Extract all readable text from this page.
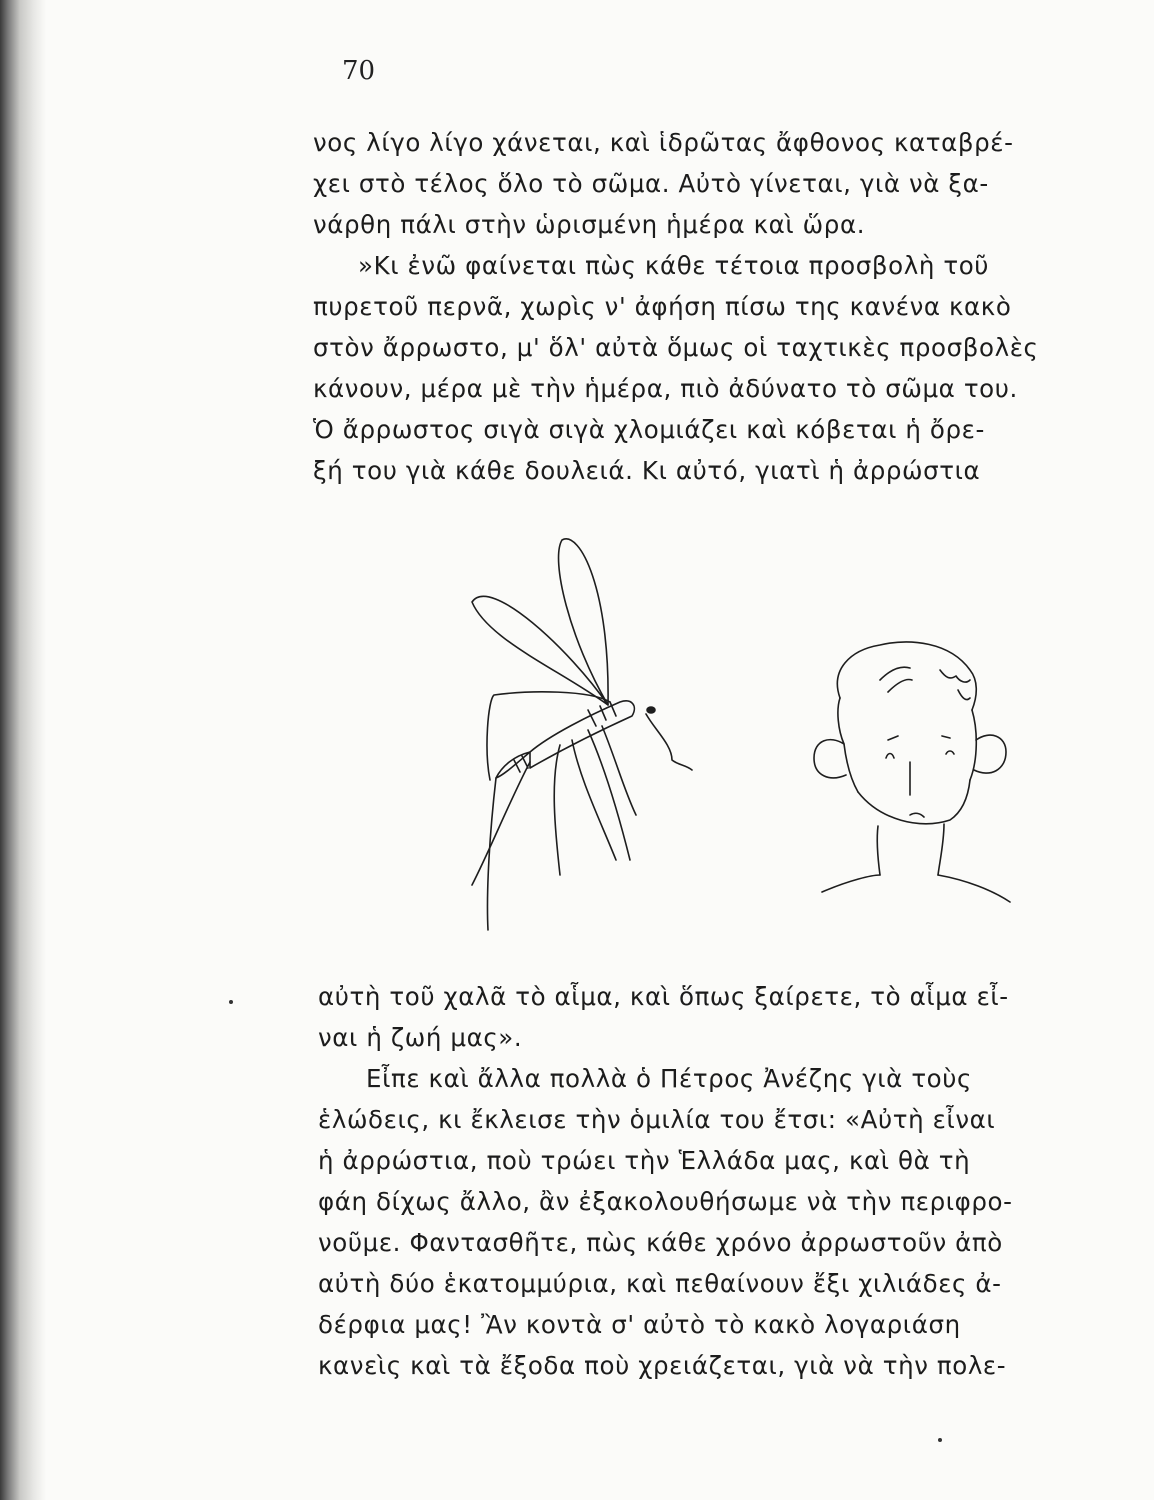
70
νος λίγο λίγο χάνεται, καὶ ἱδρῶτας ἄφθονος καταβρέ-
χει στὸ τέλος ὅλο τὸ σῶμα. Αὐτὸ γίνεται, γιὰ νὰ ξα-
νάρθη πάλι στὴν ὡρισμένη ἡμέρα καὶ ὥρα.
»Κι ἐνῶ φαίνεται πὼς κάθε τέτοια προσβολὴ τοῦ
πυρετοῦ περνᾶ, χωρὶς ν' ἀφήση πίσω της κανένα κακὸ
στὸν ἄρρωστο, μ' ὅλ' αὐτὰ ὅμως οἱ ταχτικὲς προσβολὲς
κάνουν, μέρα μὲ τὴν ἡμέρα, πιὸ ἀδύνατο τὸ σῶμα του.
Ὁ ἄρρωστος σιγὰ σιγὰ χλομιάζει καὶ κόβεται ἡ ὄρε-
ξή του γιὰ κάθε δουλειά. Κι αὐτό, γιατὶ ἡ ἀρρώστια
αὐτὴ τοῦ χαλᾶ τὸ αἷμα, καὶ ὅπως ξαίρετε, τὸ αἷμα εἶ-
ναι ἡ ζωή μας».
Εἶπε καὶ ἄλλα πολλὰ ὁ Πέτρος Ἀνέζης γιὰ τοὺς
ἑλώδεις, κι ἔκλεισε τὴν ὁμιλία του ἔτσι: «Αὐτὴ εἶναι
ἡ ἀρρώστια, ποὺ τρώει τὴν Ἑλλάδα μας, καὶ θὰ τὴ
φάη δίχως ἄλλο, ἂν ἐξακολουθήσωμε νὰ τὴν περιφρο-
νοῦμε. Φαντασθῆτε, πὼς κάθε χρόνο ἀρρωστοῦν ἀπὸ
αὐτὴ δύο ἑκατομμύρια, καὶ πεθαίνουν ἔξι χιλιάδες ἀ-
δέρφια μας! Ἂν κοντὰ σ' αὐτὸ τὸ κακὸ λογαριάση
κανεὶς καὶ τὰ ἔξοδα ποὺ χρειάζεται, γιὰ νὰ τὴν πολε-
